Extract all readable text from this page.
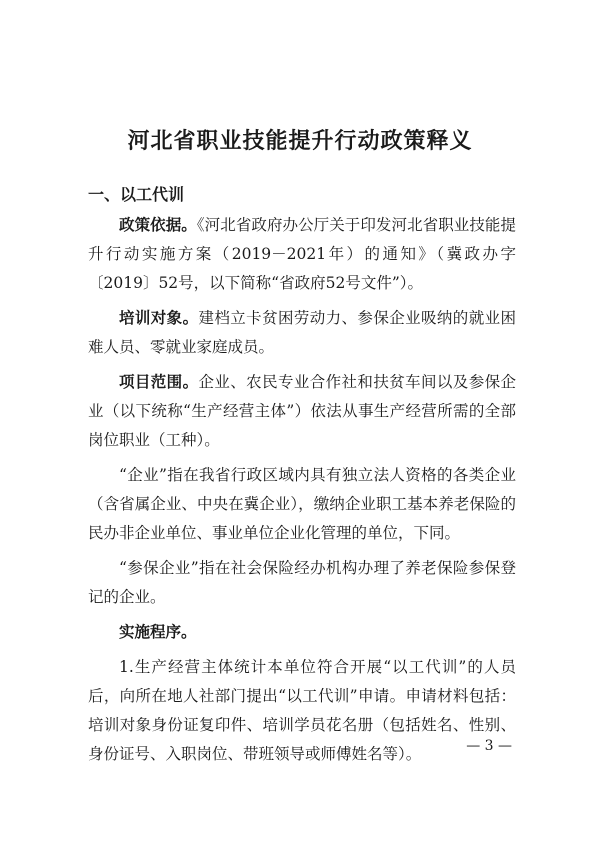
河北省职业技能提升行动政策释义
一、以工代训

政策依据。《河北省政府办公厅关于印发河北省职业技能提升行动实施方案（2019－2021年）的通知》（冀政办字〔2019〕52号，以下简称“省政府52号文件”）。

培训对象。建档立卡贫困劳动力、参保企业吸纳的就业困难人员、零就业家庭成员。

项目范围。企业、农民专业合作社和扶贫车间以及参保企业（以下统称“生产经营主体”）依法从事生产经营所需的全部岗位职业（工种）。

“企业”指在我省行政区域内具有独立法人资格的各类企业（含省属企业、中央在冀企业），缴纳企业职工基本养老保险的民办非企业单位、事业单位企业化管理的单位，下同。

“参保企业”指在社会保险经办机构办理了养老保险参保登记的企业。

实施程序。

1.生产经营主体统计本单位符合开展“以工代训”的人员后，向所在地人社部门提出“以工代训”申请。申请材料包括：培训对象身份证复印件、培训学员花名册（包括姓名、性别、身份证号、入职岗位、带班领导或师傅姓名等）。	— 3 —
